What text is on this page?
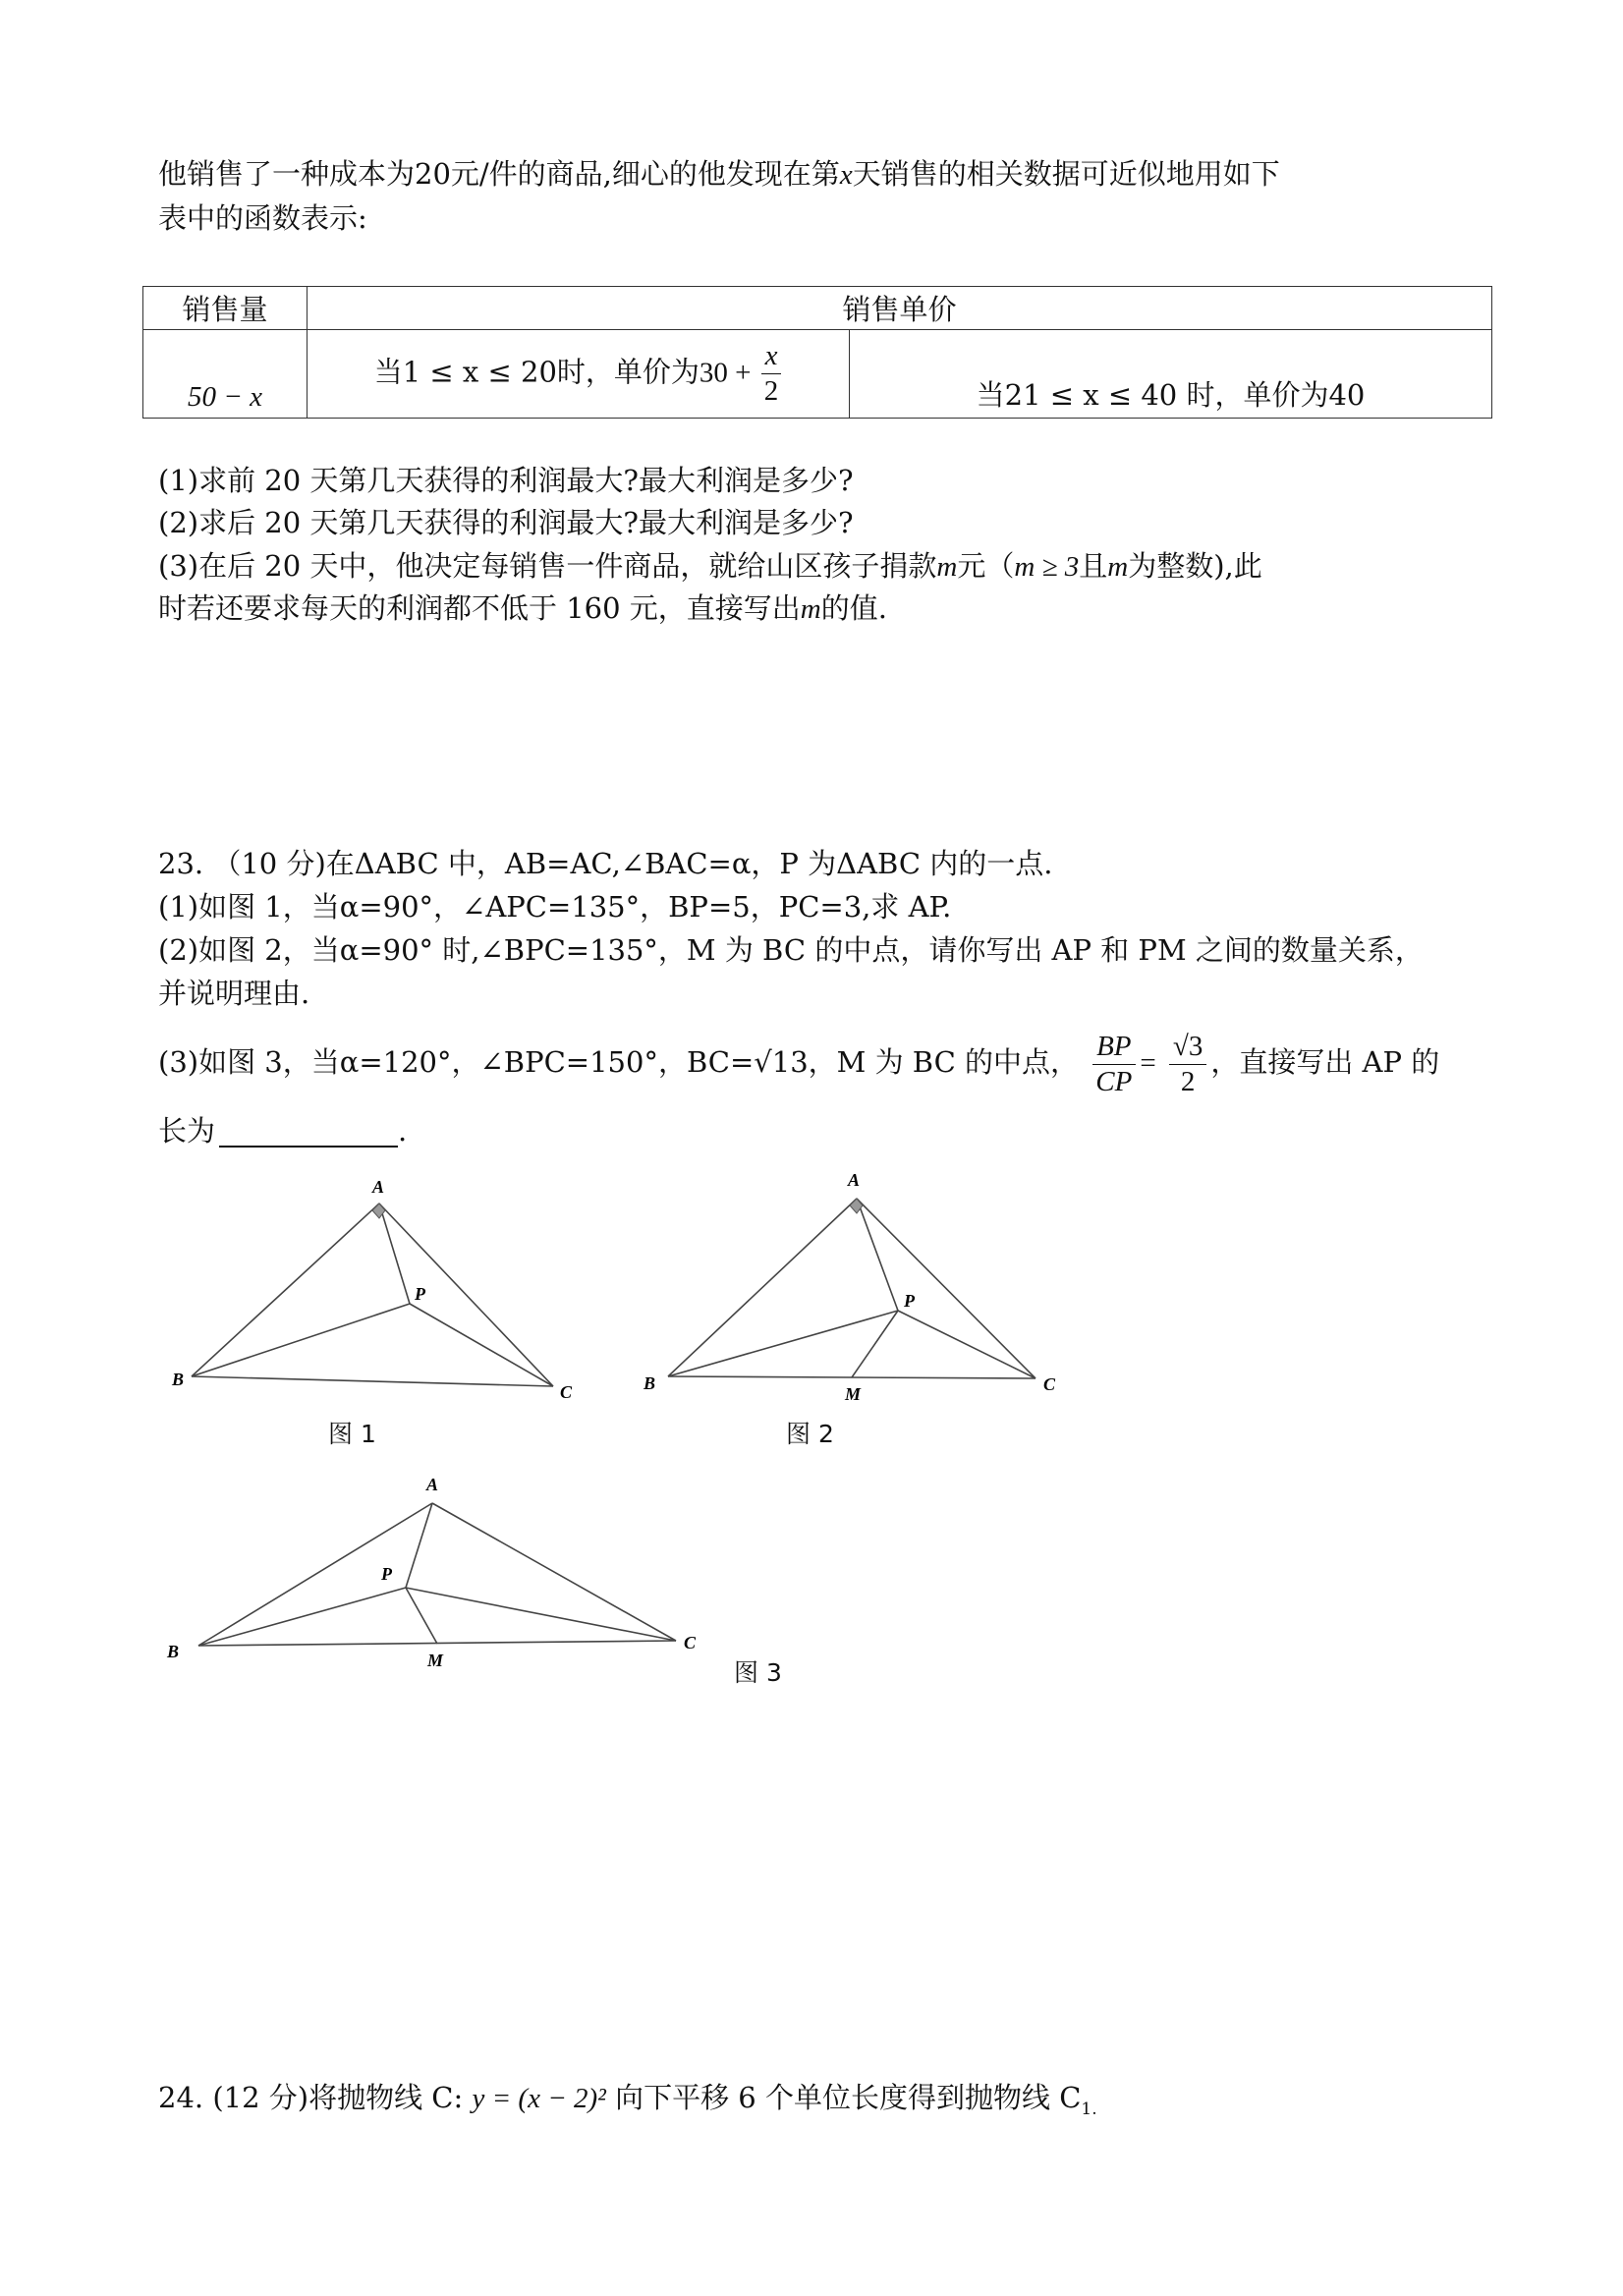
他销售了一种成本为20元/件的商品,细心的他发现在第x天销售的相关数据可近似地用如下
表中的函数表示:
销售量	销售单价	
50 − x	当1 ≤ x ≤ 20时，单价为$30 + \frac{x}{2}$	当21 ≤ x ≤ 40 时，单价为40
(1)求前 20 天第几天获得的利润最大?最大利润是多少?
(2)求后 20 天第几天获得的利润最大?最大利润是多少?
(3)在后 20 天中，他决定每销售一件商品，就给山区孩子捐款m元（m ≥ 3且m为整数),此
时若还要求每天的利润都不低于 160 元，直接写出m的值.
23. （10 分)在ΔABC 中，AB=AC,∠BAC=α，P 为ΔABC 内的一点.
(1)如图 1，当α=90°，∠APC=135°，BP=5，PC=3,求 AP.
(2)如图 2，当α=90° 时,∠BPC=135°，M 为 BC 的中点，请你写出 AP 和 PM 之间的数量关系，
并说明理由.
(3)如图 3，当α=120°，∠BPC=150°，BC=√13，M 为 BC 的中点， $\frac{BP}{CP} = \frac{√3}{2}$ ，直接写出 AP 的
长为	.
A
B
C
P
图 1
A
B	C
P
M
图 2
A
B	C
P
M	图 3
24. (12 分)将抛物线 C: y = (x − 2)² 向下平移 6 个单位长度得到抛物线 $C_{1.}$
